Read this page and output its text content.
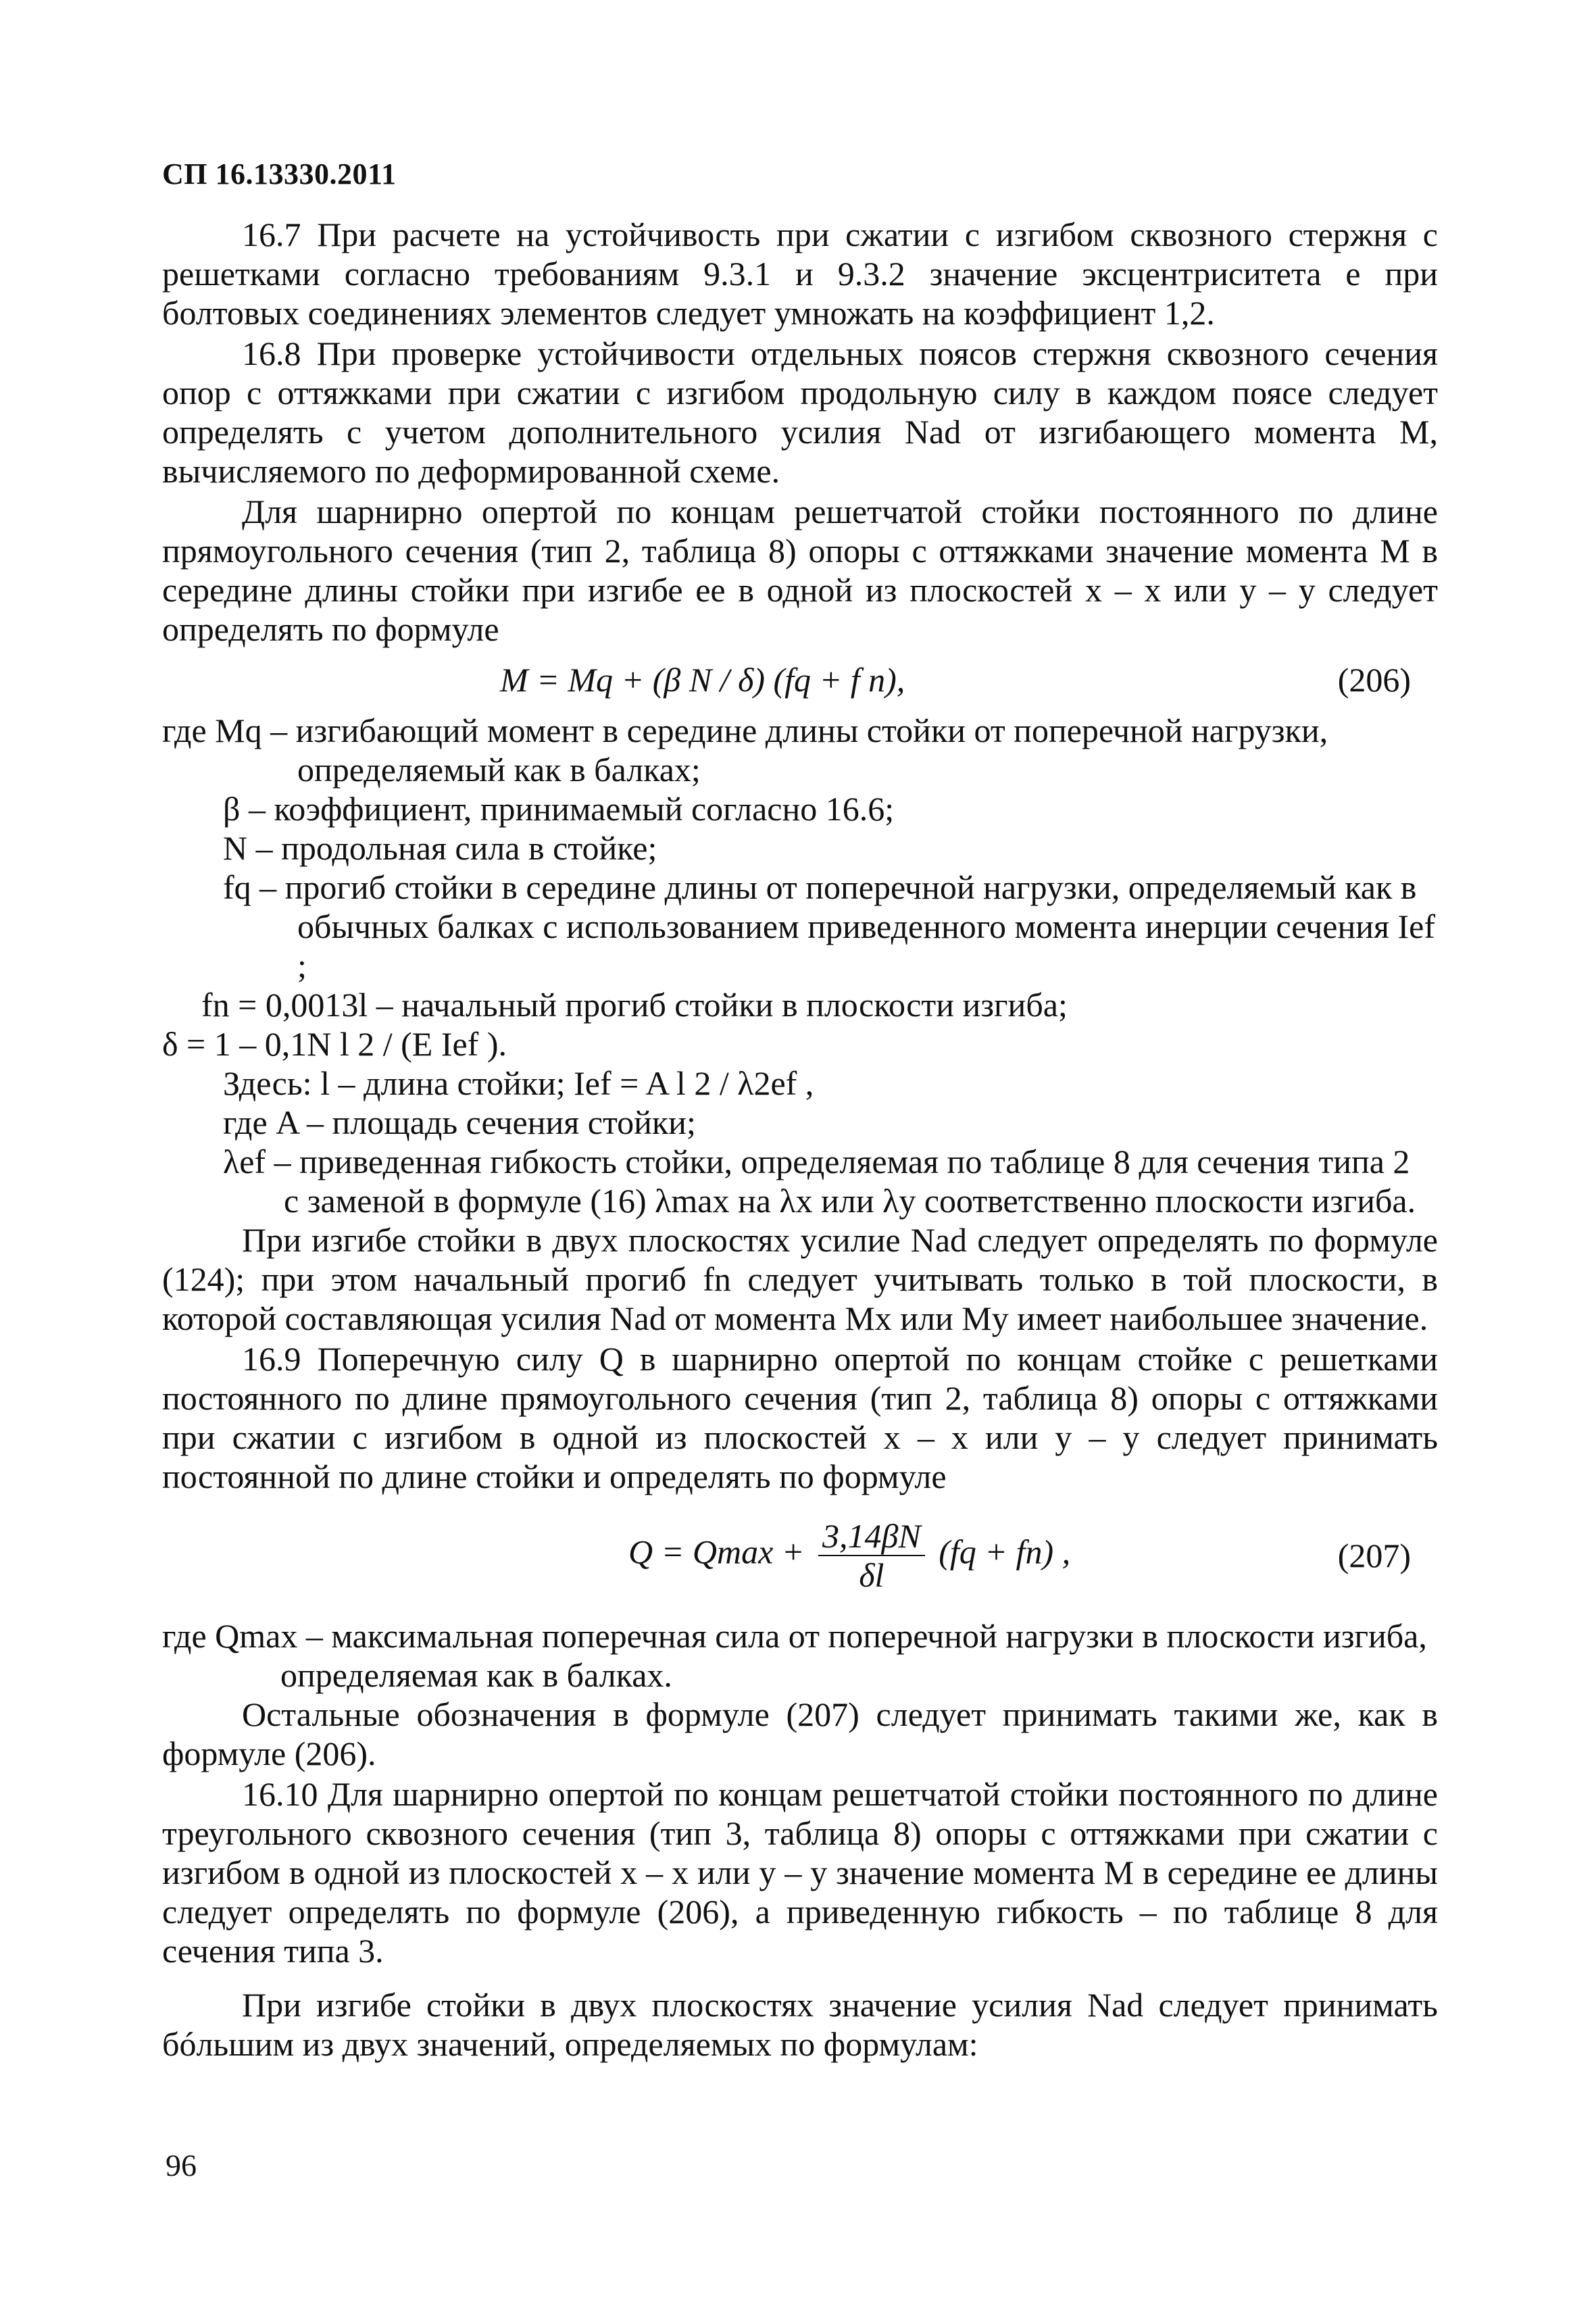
СП 16.13330.2011

16.7 При расчете на устойчивость при сжатии с изгибом сквозного стержня с решетками согласно требованиям 9.3.1 и 9.3.2 значение эксцентриситета e при болтовых соединениях элементов следует умножать на коэффициент 1,2.

16.8 При проверке устойчивости отдельных поясов стержня сквозного сечения опор с оттяжками при сжатии с изгибом продольную силу в каждом поясе следует определять с учетом дополнительного усилия Nad от изгибающего момента M, вычисляемого по деформированной схеме.

Для шарнирно опертой по концам решетчатой стойки постоянного по длине прямоугольного сечения (тип 2, таблица 8) опоры с оттяжками значение момента M в середине длины стойки при изгибе ее в одной из плоскостей x – x или y – y следует определять по формуле

M = Mq + (β N / δ) (fq + f n),	(206)

где Mq – изгибающий момент в середине длины стойки от поперечной нагрузки,

определяемый как в балках;

β – коэффициент, принимаемый согласно 16.6;

N – продольная сила в стойке;

fq – прогиб стойки в середине длины от поперечной нагрузки, определяемый как в

обычных балках с использованием приведенного момента инерции сечения Ief ;

fn = 0,0013l – начальный прогиб стойки в плоскости изгиба;

δ = 1 – 0,1N l 2 / (E Ief ).

Здесь: l – длина стойки; Ief = A l 2 / λ2ef ,

где A – площадь сечения стойки;

λef – приведенная гибкость стойки, определяемая по таблице 8 для сечения типа 2

с заменой в формуле (16) λmax на λx или λy соответственно плоскости изгиба.

При изгибе стойки в двух плоскостях усилие Nad следует определять по формуле (124); при этом начальный прогиб fn следует учитывать только в той плоскости, в которой составляющая усилия Nad от момента Mx или My имеет наибольшее значение.

16.9 Поперечную силу Q в шарнирно опертой по концам стойке с решетками постоянного по длине прямоугольного сечения (тип 2, таблица 8) опоры с оттяжками при сжатии с изгибом в одной из плоскостей x – x или y – y следует принимать постоянной по длине стойки и определять по формуле

$Q = Qmax + \frac{3,14\beta N}{\delta l} (fq + fn)$ ,	(207)

где Qmax – максимальная поперечная сила от поперечной нагрузки в плоскости изгиба,

определяемая как в балках.

Остальные обозначения в формуле (207) следует принимать такими же, как в формуле (206).

16.10 Для шарнирно опертой по концам решетчатой стойки постоянного по длине треугольного сквозного сечения (тип 3, таблица 8) опоры с оттяжками при сжатии с изгибом в одной из плоскостей x – x или y – y значение момента M в середине ее длины следует определять по формуле (206), а приведенную гибкость – по таблице 8 для сечения типа 3.

При изгибе стойки в двух плоскостях значение усилия Nad следует принимать бóльшим из двух значений, определяемых по формулам:

96
